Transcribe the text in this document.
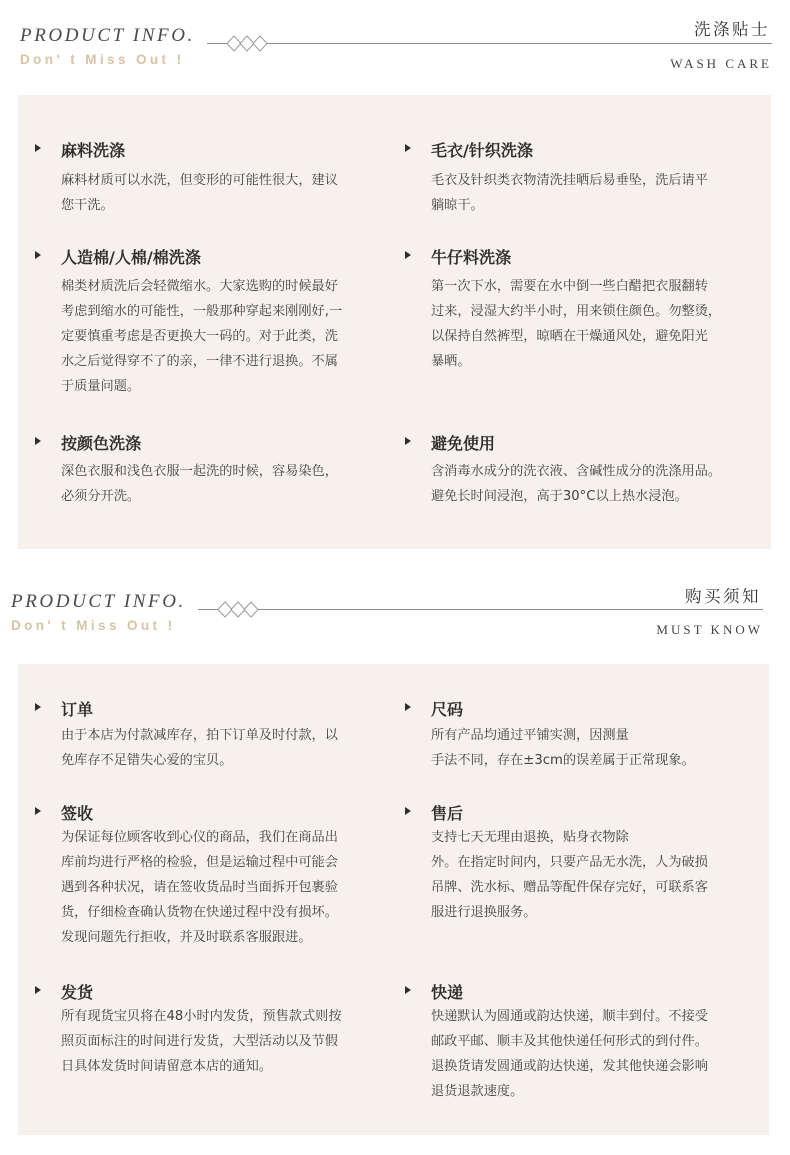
PRODUCT INFO.
Don' t Miss Out !
洗涤贴士
WASH CARE
麻料洗涤
麻料材质可以水洗，但变形的可能性很大，建议
您干洗。
毛衣/针织洗涤
毛衣及针织类衣物清洗挂晒后易垂坠，洗后请平
躺晾干。
人造棉/人棉/棉洗涤
棉类材质洗后会轻微缩水。大家选购的时候最好
考虑到缩水的可能性，一般那种穿起来刚刚好,一
定要慎重考虑是否更换大一码的。对于此类，洗
水之后觉得穿不了的亲，一律不进行退换。不属
于质量问题。
牛仔料洗涤
第一次下水，需要在水中倒一些白醋把衣服翻转
过来，浸湿大约半小时，用来锁住颜色。勿整烫，
以保持自然裤型，晾晒在干燥通风处，避免阳光
暴晒。
按颜色洗涤
深色衣服和浅色衣服一起洗的时候，容易染色，
必须分开洗。
避免使用
含消毒水成分的洗衣液、含碱性成分的洗涤用品。
避免长时间浸泡，高于30°C以上热水浸泡。
PRODUCT INFO.
Don' t Miss Out !
购买须知
MUST KNOW
订单
由于本店为付款减库存，拍下订单及时付款，以
免库存不足错失心爱的宝贝。
尺码
所有产品均通过平铺实测，因测量
手法不同，存在±3cm的误差属于正常现象。
签收
为保证每位顾客收到心仪的商品，我们在商品出
库前均进行严格的检验，但是运输过程中可能会
遇到各种状况，请在签收货品时当面拆开包裹验
货，仔细检查确认货物在快递过程中没有损坏。
发现问题先行拒收，并及时联系客服跟进。
售后
支持七天无理由退换，贴身衣物除
外。在指定时间内，只要产品无水洗，人为破损
吊牌、洗水标、赠品等配件保存完好，可联系客
服进行退换服务。
发货
所有现货宝贝将在48小时内发货，预售款式则按
照页面标注的时间进行发货，大型活动以及节假
日具体发货时间请留意本店的通知。
快递
快递默认为圆通或韵达快递，顺丰到付。不接受
邮政平邮、顺丰及其他快递任何形式的到付件。
退换货请发圆通或韵达快递，发其他快递会影响
退货退款速度。
